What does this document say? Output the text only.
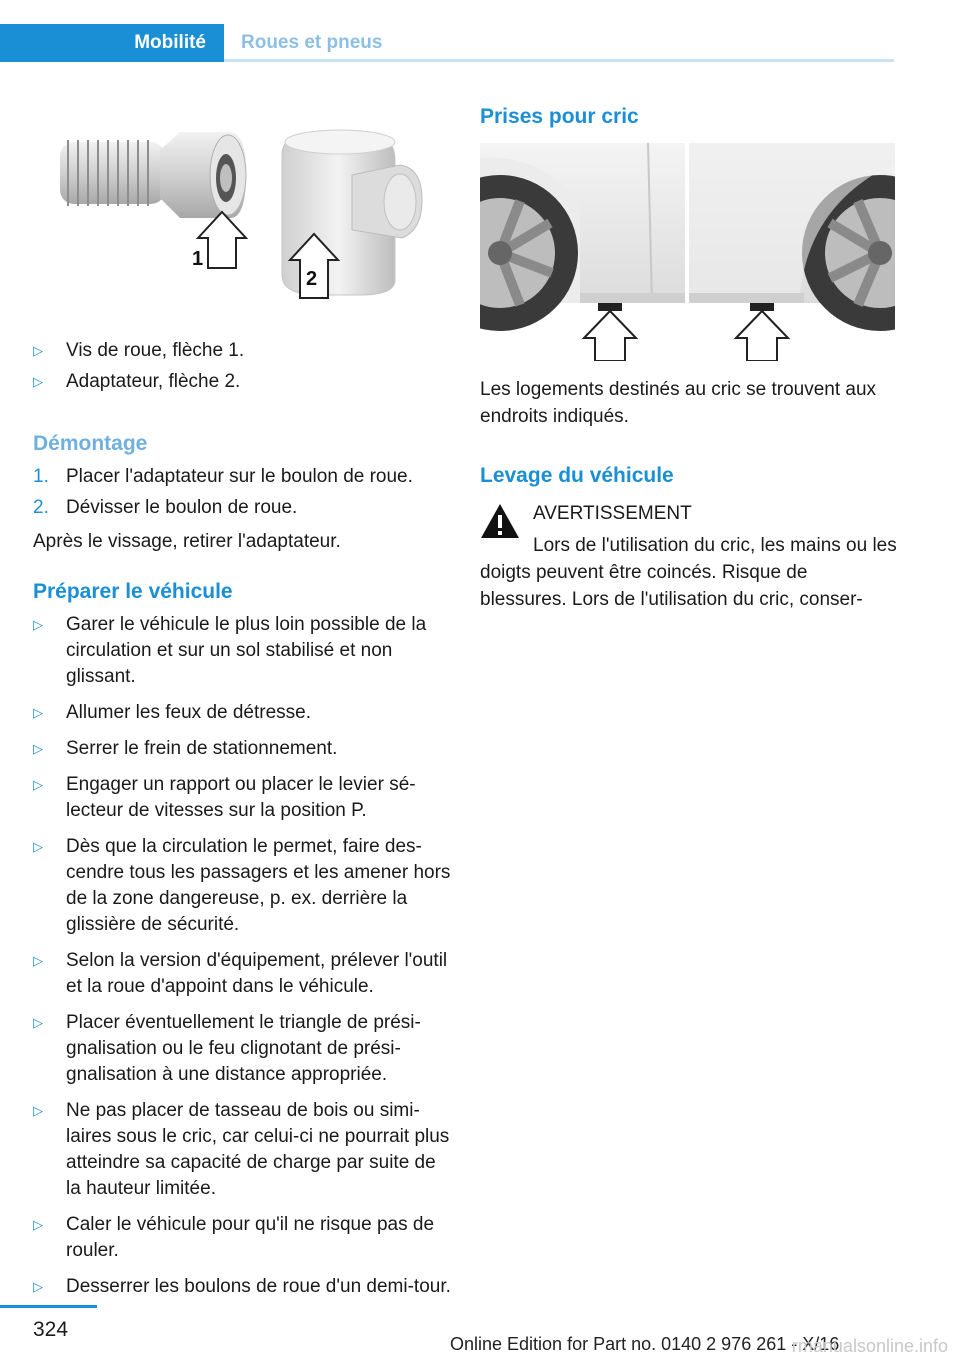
Mobilité Roues et pneus
1
2
▷ Vis de roue, flèche 1.
▷ Adaptateur, flèche 2.
Démontage
1. Placer l'adaptateur sur le boulon de roue.
2. Dévisser le boulon de roue.
Après le vissage, retirer l'adaptateur.
Préparer le véhicule
▷ Garer le véhicule le plus loin possible de la circulation et sur un sol stabilisé et non glissant.
▷ Allumer les feux de détresse.
▷ Serrer le frein de stationnement.
▷ Engager un rapport ou placer le levier sé-lecteur de vitesses sur la position P.
▷ Dès que la circulation le permet, faire des-cendre tous les passagers et les amener hors de la zone dangereuse, p. ex. derrière la glissière de sécurité.
▷ Selon la version d'équipement, prélever l'outil et la roue d'appoint dans le véhicule.
▷ Placer éventuellement le triangle de prési-gnalisation ou le feu clignotant de prési-gnalisation à une distance appropriée.
▷ Ne pas placer de tasseau de bois ou simi-laires sous le cric, car celui-ci ne pourrait plus atteindre sa capacité de charge par suite de la hauteur limitée.
▷ Caler le véhicule pour qu'il ne risque pas de rouler.
▷ Desserrer les boulons de roue d'un demi-tour.
Prises pour cric
Les logements destinés au cric se trouvent aux endroits indiqués.
Levage du véhicule
AVERTISSEMENT
Lors de l'utilisation du cric, les mains ou les doigts peuvent être coincés. Risque de blessures. Lors de l'utilisation du cric, conser-
324
Online Edition for Part no. 0140 2 976 261 - X/16
rmanualsonline.info
